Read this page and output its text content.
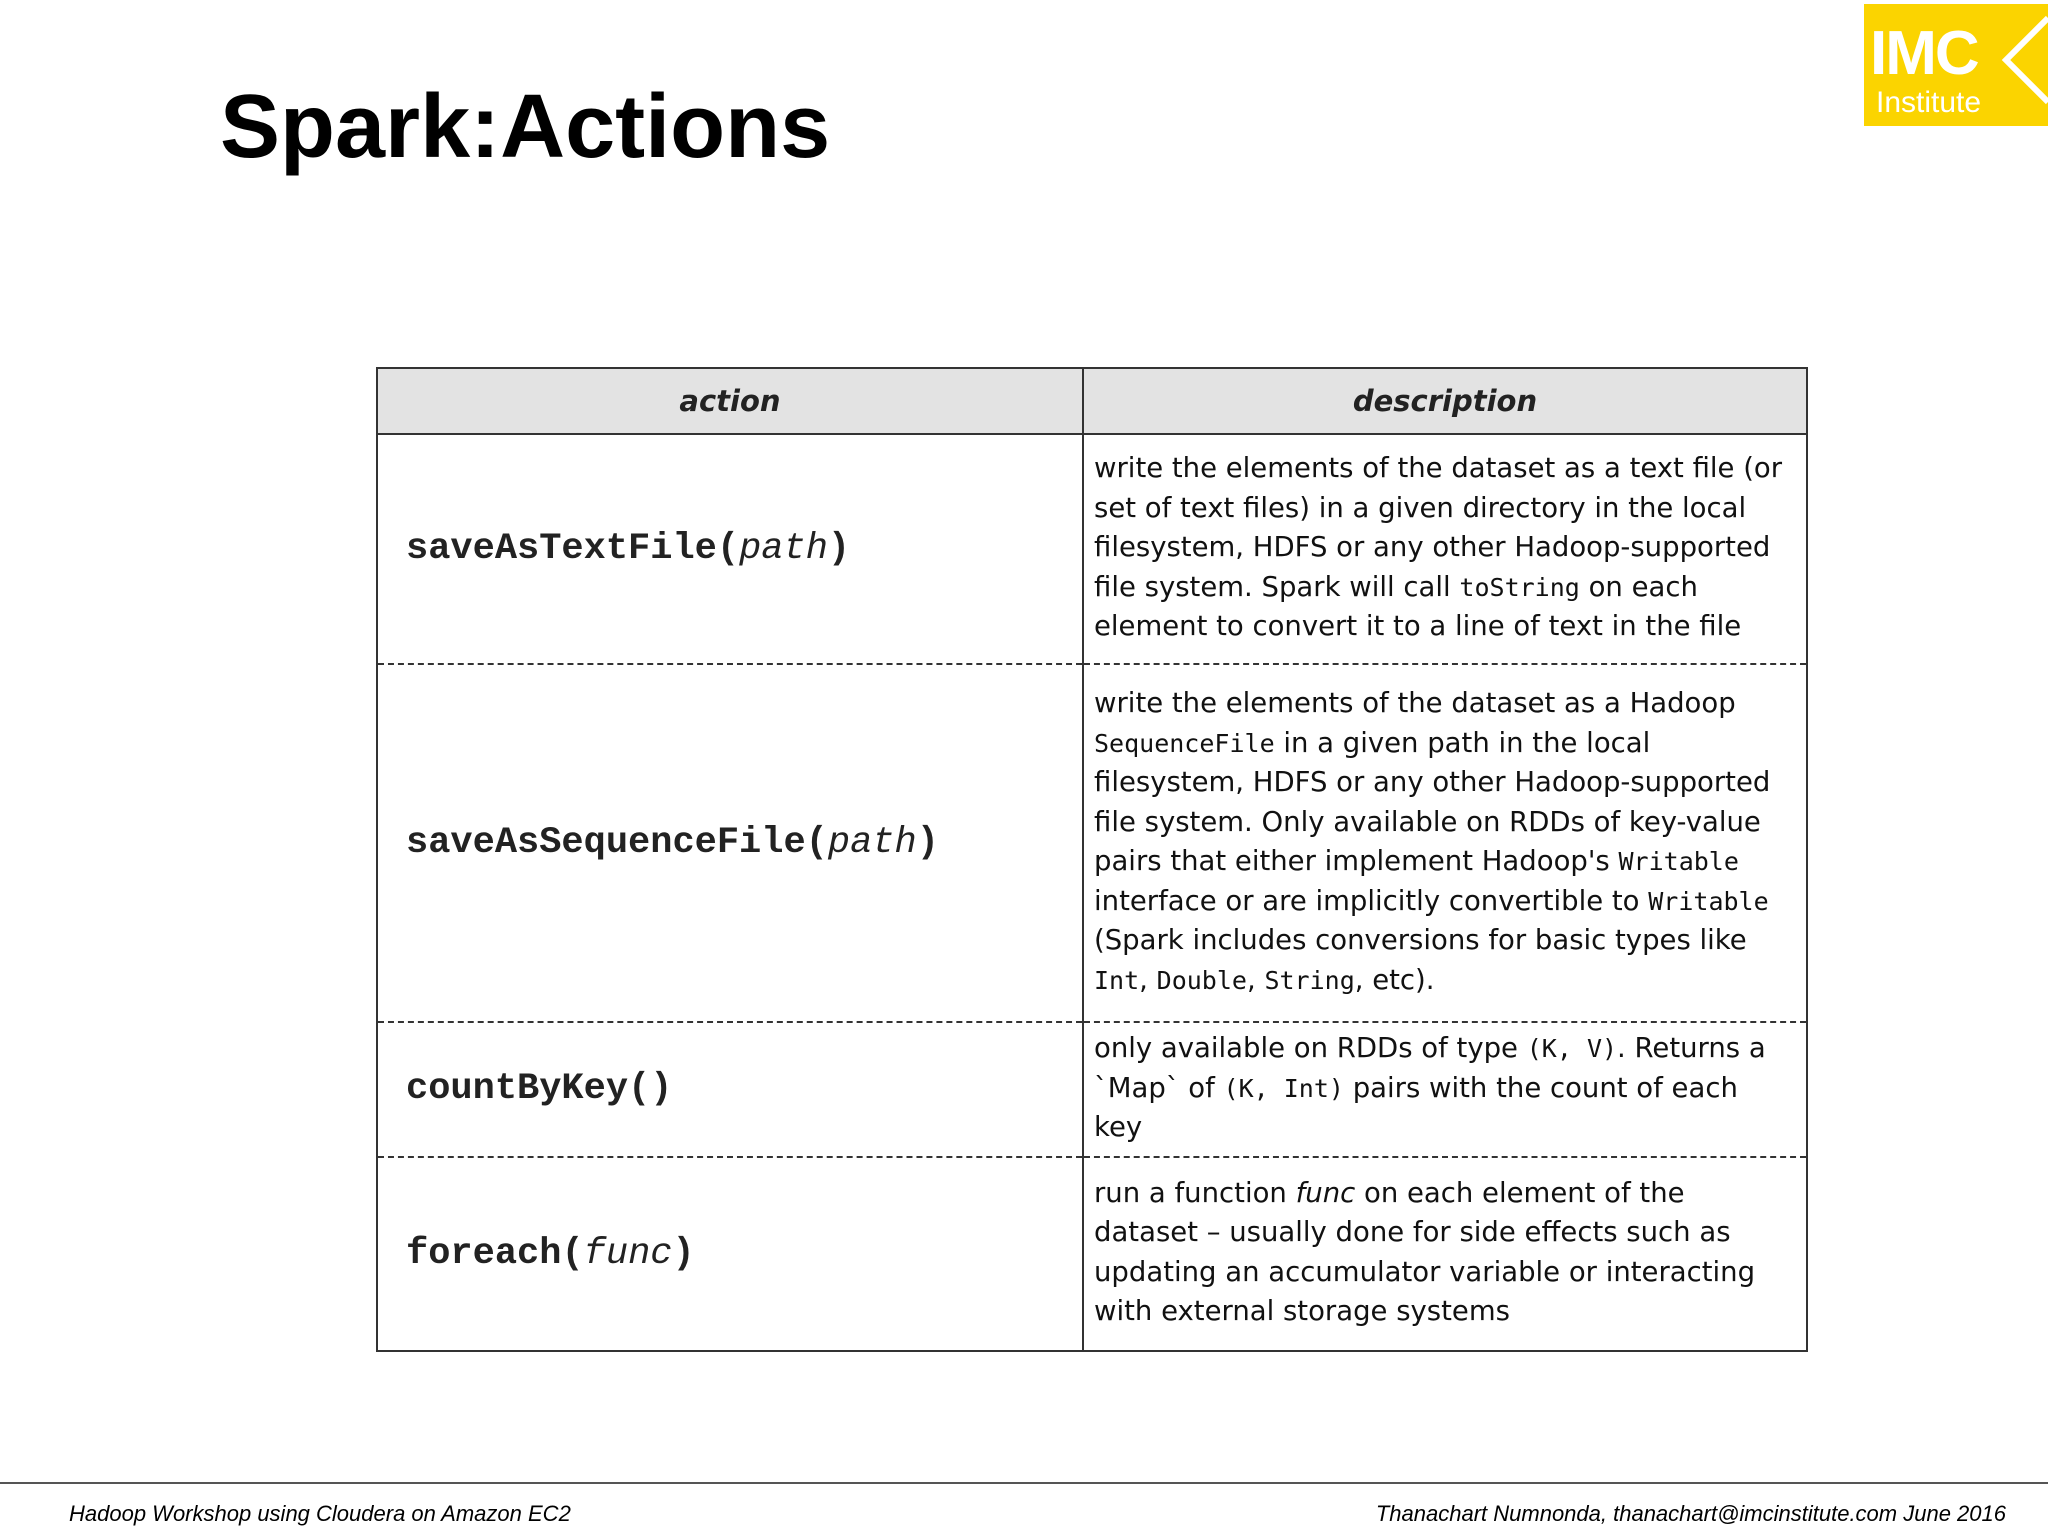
Spark:Actions
IMC
Institute
action	description
saveAsTextFile(path)	write the elements of the dataset as a text file (or set of text files) in a given directory in the local filesystem, HDFS or any other Hadoop-supported file system. Spark will call toString on each element to convert it to a line of text in the file
saveAsSequenceFile(path)	write the elements of the dataset as a Hadoop SequenceFile in a given path in the local filesystem, HDFS or any other Hadoop-supported file system. Only available on RDDs of key-value pairs that either implement Hadoop's Writable interface or are implicitly convertible to Writable (Spark includes conversions for basic types like Int, Double, String, etc).
countByKey()	only available on RDDs of type (K, V). Returns a `Map` of (K, Int) pairs with the count of each key
foreach(func)	run a function func on each element of the dataset – usually done for side effects such as updating an accumulator variable or interacting with external storage systems
Hadoop Workshop using Cloudera on Amazon EC2	Thanachart Numnonda, thanachart@imcinstitute.com June 2016
